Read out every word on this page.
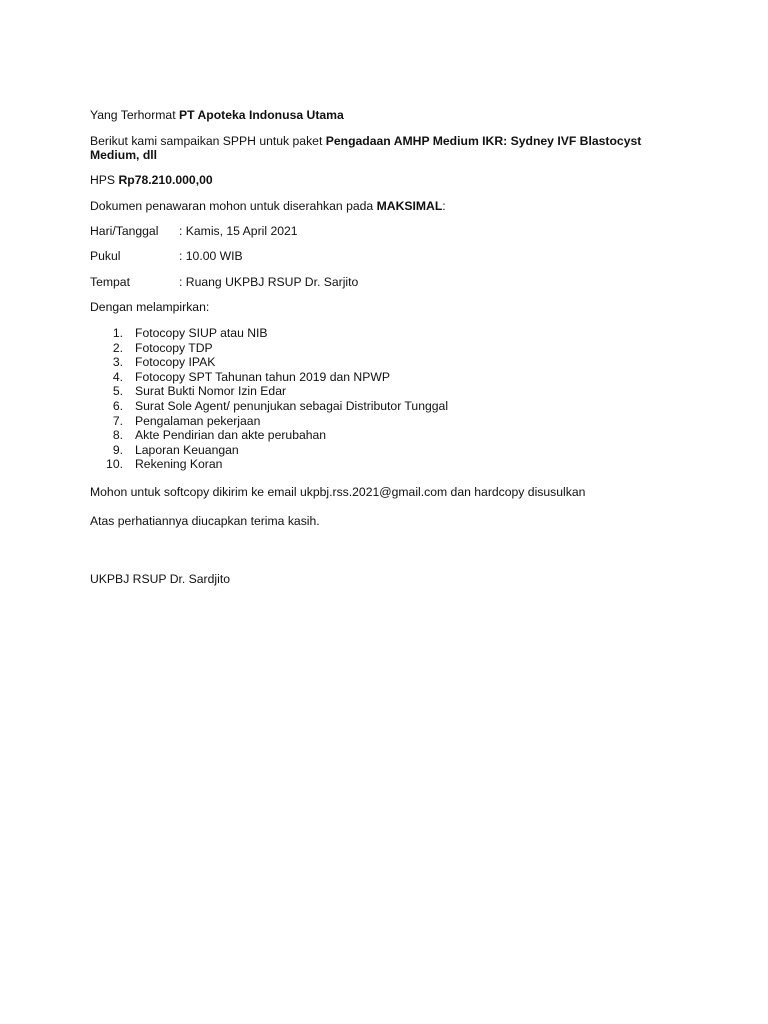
Yang Terhormat PT Apoteka Indonusa Utama
Berikut kami sampaikan SPPH untuk paket Pengadaan AMHP Medium IKR: Sydney IVF Blastocyst
Medium, dll
HPS Rp78.210.000,00
Dokumen penawaran mohon untuk diserahkan pada MAKSIMAL:
Hari/Tanggal : Kamis, 15 April 2021
Pukul	: 10.00 WIB
Tempat	: Ruang UKPBJ RSUP Dr. Sarjito
Dengan melampirkan:
1. Fotocopy SIUP atau NIB
2. Fotocopy TDP
3. Fotocopy IPAK
4. Fotocopy SPT Tahunan tahun 2019 dan NPWP
5. Surat Bukti Nomor Izin Edar
6. Surat Sole Agent/ penunjukan sebagai Distributor Tunggal
7. Pengalaman pekerjaan
8. Akte Pendirian dan akte perubahan
9. Laporan Keuangan
10. Rekening Koran
Mohon untuk softcopy dikirim ke email ukpbj.rss.2021@gmail.com dan hardcopy disusulkan
Atas perhatiannya diucapkan terima kasih.
UKPBJ RSUP Dr. Sardjito
